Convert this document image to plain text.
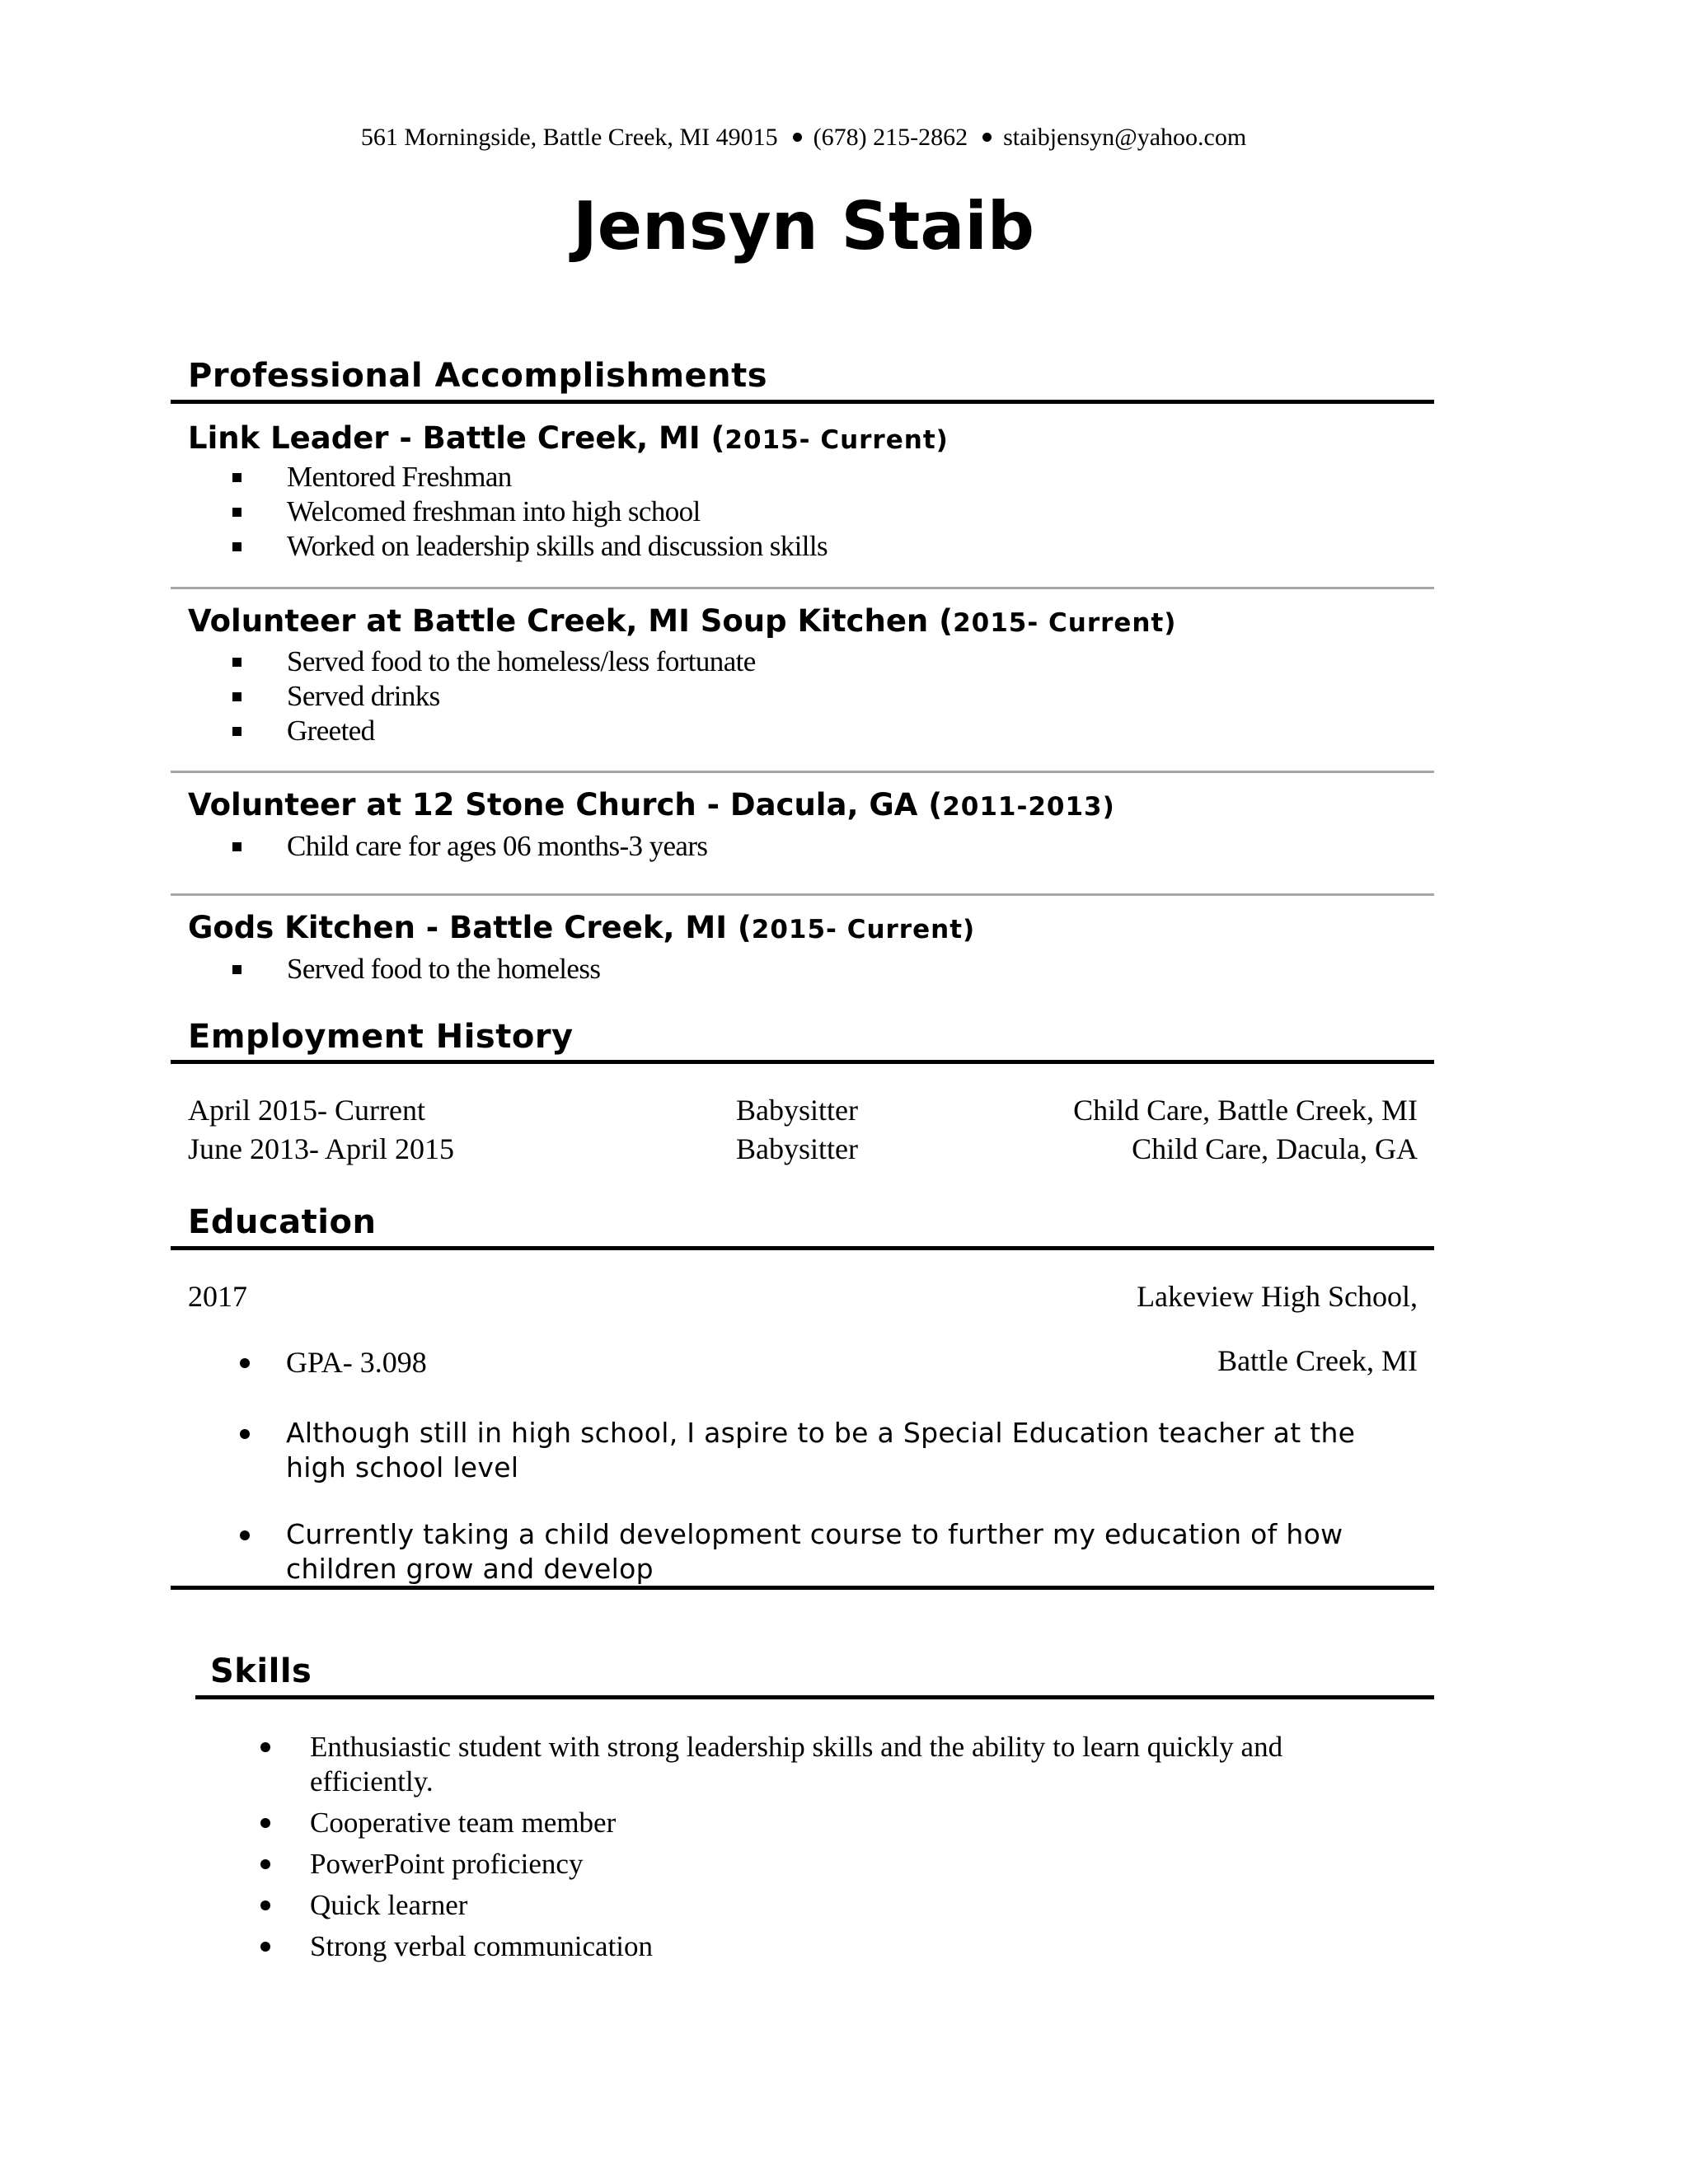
561 Morningside, Battle Creek, MI 49015 (678) 215-2862 staibjensyn@yahoo.com
Jensyn Staib
Professional Accomplishments
Link Leader - Battle Creek, MI (2015- Current)
Mentored Freshman
Welcomed freshman into high school
Worked on leadership skills and discussion skills
Volunteer at Battle Creek, MI Soup Kitchen (2015- Current)
Served food to the homeless/less fortunate
Served drinks
Greeted
Volunteer at 12 Stone Church - Dacula, GA (2011-2013)
Child care for ages 06 months-3 years
Gods Kitchen - Battle Creek, MI (2015- Current)
Served food to the homeless
Employment History
April 2015- Current	Babysitter	Child Care, Battle Creek, MI
June 2013- April 2015	Babysitter	Child Care, Dacula, GA
Education
2017	Lakeview High School,
GPA- 3.098	Battle Creek, MI
Although still in high school, I aspire to be a Special Education teacher at the high school level
Currently taking a child development course to further my education of how children grow and develop
Skills
Enthusiastic student with strong leadership skills and the ability to learn quickly and efficiently.
Cooperative team member
PowerPoint proficiency
Quick learner
Strong verbal communication
